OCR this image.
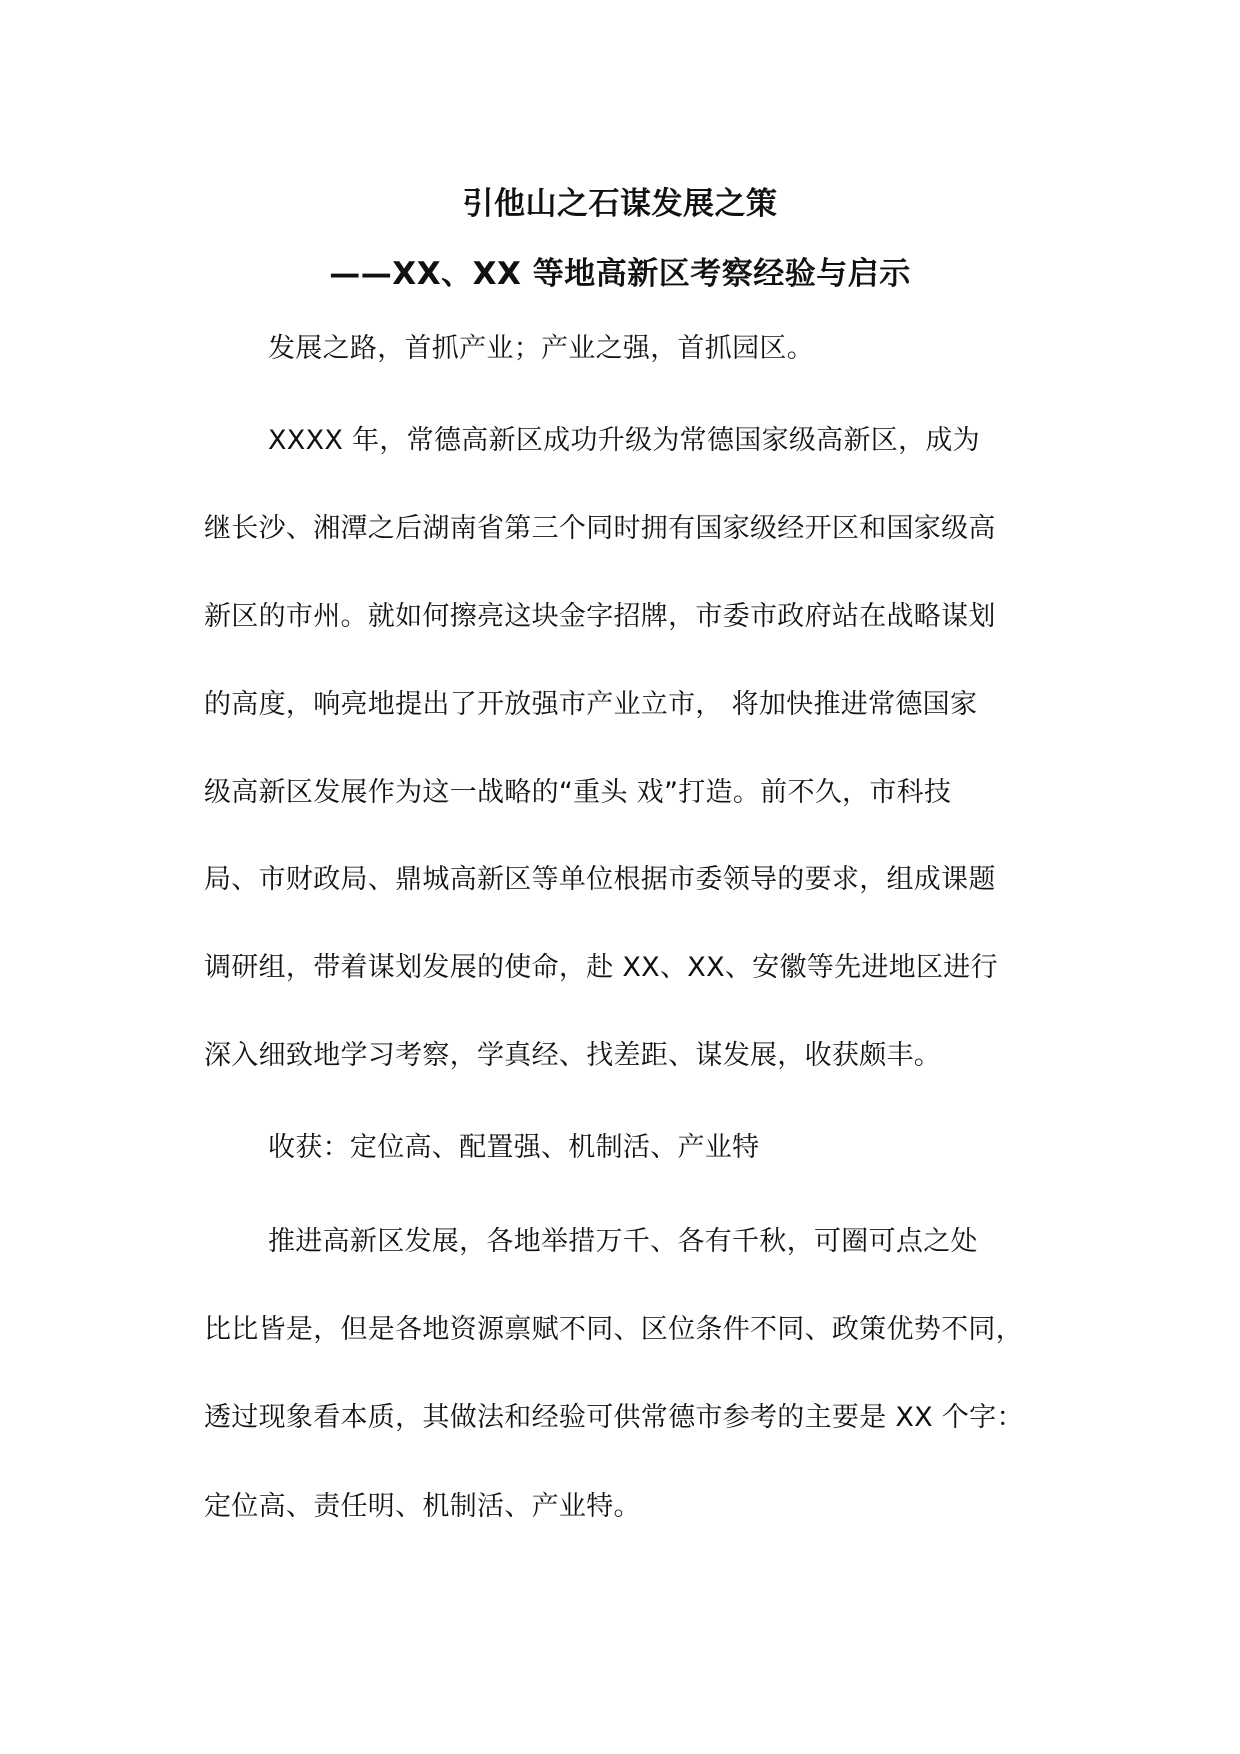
引他山之石谋发展之策
——XX、XX 等地高新区考察经验与启示
发展之路，首抓产业；产业之强，首抓园区。
XXXX 年，常德高新区成功升级为常德国家级高新区，成为
继长沙、湘潭之后湖南省第三个同时拥有国家级经开区和国家级高
新区的市州。就如何擦亮这块金字招牌，市委市政府站在战略谋划
的高度，响亮地提出了开放强市产业立市， 将加快推进常德国家
级高新区发展作为这一战略的“重头 戏”打造。前不久，市科技
局、市财政局、鼎城高新区等单位根据市委领导的要求，组成课题
调研组，带着谋划发展的使命，赴 XX、XX、安徽等先进地区进行
深入细致地学习考察，学真经、找差距、谋发展，收获颇丰。
收获：定位高、配置强、机制活、产业特
推进高新区发展，各地举措万千、各有千秋，可圈可点之处
比比皆是，但是各地资源禀赋不同、区位条件不同、政策优势不同，
透过现象看本质，其做法和经验可供常德市参考的主要是 XX 个字：
定位高、责任明、机制活、产业特。
